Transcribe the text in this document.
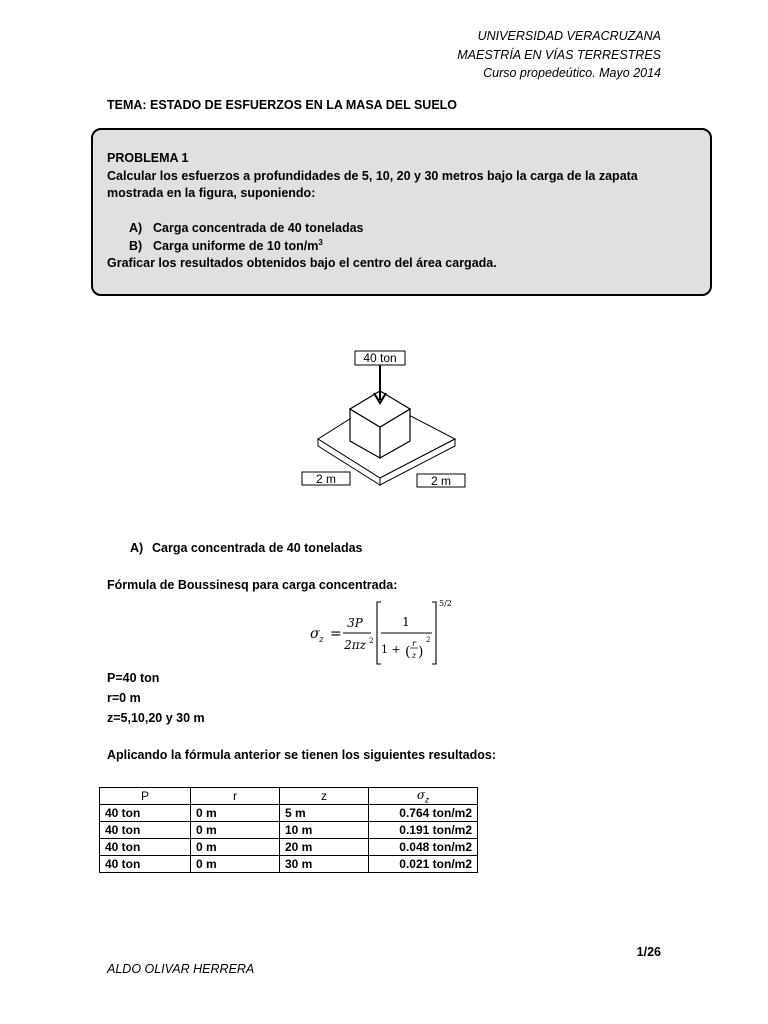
UNIVERSIDAD VERACRUZANA
MAESTRÍA EN VÍAS TERRESTRES
Curso propedeútico. Mayo 2014
TEMA: ESTADO DE ESFUERZOS EN LA MASA DEL SUELO
PROBLEMA 1
Calcular los esfuerzos a profundidades de 5, 10, 20 y 30 metros bajo la carga de la zapata mostrada en la figura, suponiendo:
A) Carga concentrada de 40 toneladas
B) Carga uniforme de 10 ton/$m^3$
Graficar los resultados obtenidos bajo el centro del área cargada.
40 ton
2 m	2 m
A) Carga concentrada de 40 toneladas
Fórmula de Boussinesq para carga concentrada:
σ z =
3P
2πz 2
1
1 + (
r
z )
2
5/2
P=40 ton
r=0 m
z=5,10,20 y 30 m
Aplicando la fórmula anterior se tienen los siguientes resultados:
P	r	z	$\sigma_z$
40 ton	0 m	5 m	0.764 ton/m2
40 ton	0 m	10 m	0.191 ton/m2
40 ton	0 m	20 m	0.048 ton/m2
40 ton	0 m	30 m	0.021 ton/m2
1/26
ALDO OLIVAR HERRERA
